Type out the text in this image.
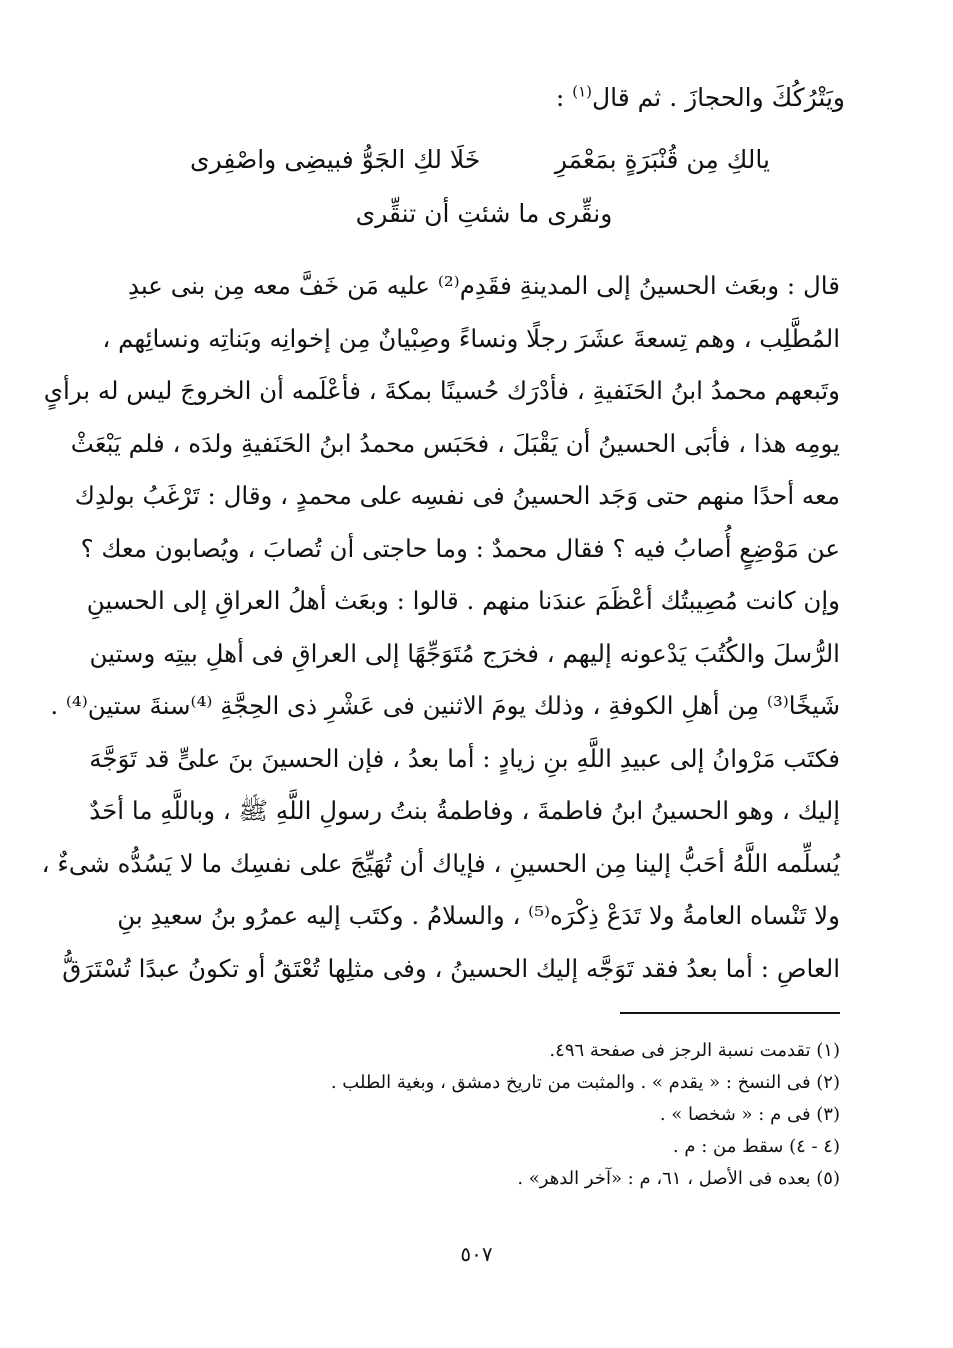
ويَتْرُكُكَ والحجازَ . ثم قال$^{(١)}$ :
يالكِ مِن قُنْبَرَةٍ بمَعْمَرِ
خَلَا لكِ الجَوُّ فبيضِى واصْفِرى
ونقِّرى ما شئتِ أن تنقِّرى
قال : وبعَث الحسينُ إلى المدينةِ فقَدِم⁽²⁾ عليه مَن خَفَّ معه مِن بنى عبدِ
المُطَّلِب ، وهم تِسعةَ عشَرَ رجلًا ونساءً وصِبْيانٌ مِن إخوانِه وبَناتِه ونسائِهم ،
وتَبعهم محمدُ ابنُ الحَنَفيةِ ، فأدْرَك حُسينًا بمكةَ ، فأعْلَمه أن الخروجَ ليس له برأىٍ
يومِه هذا ، فأبَى الحسينُ أن يَقْبَلَ ، فحَبَس محمدُ ابنُ الحَنَفيةِ ولدَه ، فلم يَبْعَثْ
معه أحدًا منهم حتى وَجَد الحسينُ فى نفسِه على محمدٍ ، وقال : تَرْغَبُ بولدِك
عن مَوْضِعٍ أُصابُ فيه ؟ فقال محمدٌ : وما حاجتى أن تُصابَ ، ويُصابون معك ؟
وإن كانت مُصِيبتُك أعْظَمَ عندَنا منهم . قالوا : وبعَث أهلُ العراقِ إلى الحسينِ
الرُّسلَ والكُتُبَ يَدْعونه إليهم ، فخرَج مُتَوَجِّهًا إلى العراقِ فى أهلِ بيتِه وستين
شَيخًا⁽³⁾ مِن أهلِ الكوفةِ ، وذلك يومَ الاثنين فى عَشْرِ ذى الحِجَّةِ ⁽⁴⁾سنةَ ستين⁽⁴⁾ .
فكتَب مَرْوانُ إلى عبيدِ اللَّهِ بنِ زيادٍ : أما بعدُ ، فإن الحسينَ بنَ علىٍّ قد تَوَجَّهَ
إليك ، وهو الحسينُ ابنُ فاطمةَ ، وفاطمةُ بنتُ رسولِ اللَّهِ ﷺ ، وباللَّهِ ما أحَدٌ
يُسلِّمه اللَّهُ أحَبُّ إلينا مِن الحسينِ ، فإياك أن تُهَيِّجَ على نفسِك ما لا يَسُدُّه شىءٌ ،
ولا تَنْساه العامةُ ولا تَدَعْ ذِكْرَه⁽⁵⁾ ، والسلامُ . وكتَب إليه عمرُو بنُ سعيدِ بنِ
العاصِ : أما بعدُ فقد تَوَجَّه إليك الحسينُ ، وفى مثلِها تُعْتَقُ أو تكونُ عبدًا تُسْتَرَقُّ
(١) تقدمت نسبة الرجز فى صفحة ٤٩٦.
(٢) فى النسخ : « يقدم » . والمثبت من تاريخ دمشق ، وبغية الطلب .
(٣) فى م : « شخصا » .
(٤ - ٤) سقط من : م .
(٥) بعده فى الأصل ، ٦١، م : «آخر الدهر» .
٥٠٧
